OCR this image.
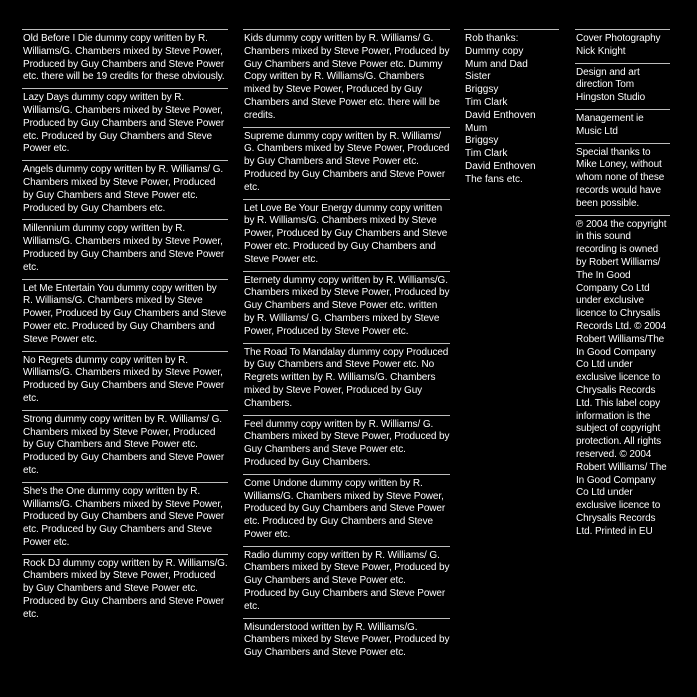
Old Before I Die dummy copy written by R. Williams/G. Chambers mixed by Steve Power, Produced by Guy Chambers and Steve Power etc. there will be 19 credits for these obviously.
Lazy Days dummy copy written by R. Williams/G. Chambers mixed by Steve Power, Produced by Guy Chambers and Steve Power etc. Produced by Guy Chambers and Steve Power etc.
Angels dummy copy written by R. Williams/ G. Chambers mixed by Steve Power, Produced by Guy Chambers and Steve Power etc. Produced by Guy Chambers etc.
Millennium dummy copy written by R. Williams/G. Chambers mixed by Steve Power, Produced by Guy Chambers and Steve Power etc.
Let Me Entertain You dummy copy written by R. Williams/G. Chambers mixed by Steve Power, Produced by Guy Chambers and Steve Power etc. Produced by Guy Chambers and Steve Power etc.
No Regrets dummy copy written by R. Williams/G. Chambers mixed by Steve Power, Produced by Guy Chambers and Steve Power etc.
Strong dummy copy written by R. Williams/ G. Chambers mixed by Steve Power, Produced by Guy Chambers and Steve Power etc. Produced by Guy Chambers and Steve Power etc.
She's the One dummy copy written by R. Williams/G. Chambers mixed by Steve Power, Produced by Guy Chambers and Steve Power etc. Produced by Guy Chambers and Steve Power etc.
Rock DJ dummy copy written by R. Williams/G. Chambers mixed by Steve Power, Produced by Guy Chambers and Steve Power etc. Produced by Guy Chambers and Steve Power etc.
Kids dummy copy written by R. Williams/ G. Chambers mixed by Steve Power, Produced by Guy Chambers and Steve Power etc. Dummy Copy written by R. Williams/G. Chambers mixed by Steve Power, Produced by Guy Chambers and Steve Power etc. there will be credits.
Supreme dummy copy written by R. Williams/ G. Chambers mixed by Steve Power, Produced by Guy Chambers and Steve Power etc. Produced by Guy Chambers and Steve Power etc.
Let Love Be Your Energy dummy copy written by R. Williams/G. Chambers mixed by Steve Power, Produced by Guy Chambers and Steve Power etc. Produced by Guy Chambers and Steve Power etc.
Eternety dummy copy written by R. Williams/G. Chambers mixed by Steve Power, Produced by Guy Chambers and Steve Power etc. written by R. Williams/ G. Chambers mixed by Steve Power, Produced by Steve Power etc.
The Road To Mandalay dummy copy Produced by Guy Chambers and Steve Power etc. No Regrets written by R. Williams/G. Chambers mixed by Steve Power, Produced by Guy Chambers.
Feel dummy copy written by R. Williams/ G. Chambers mixed by Steve Power, Produced by Guy Chambers and Steve Power etc. Produced by Guy Chambers.
Come Undone dummy copy written by R. Williams/G. Chambers mixed by Steve Power, Produced by Guy Chambers and Steve Power etc. Produced by Guy Chambers and Steve Power etc.
Radio dummy copy written by R. Williams/ G. Chambers mixed by Steve Power, Produced by Guy Chambers and Steve Power etc. Produced by Guy Chambers and Steve Power etc.
Misunderstood written by R. Williams/G. Chambers mixed by Steve Power, Produced by Guy Chambers and Steve Power etc.
Rob thanks:
Dummy copy
Mum and Dad
Sister
Briggsy
Tim Clark
David Enthoven
Mum
Briggsy
Tim Clark
David Enthoven
The fans etc.
Cover Photography Nick Knight
Design and art direction Tom Hingston Studio
Management ie Music Ltd
Special thanks to Mike Loney, without whom none of these records would have been possible.
℗ 2004 the copyright in this sound recording is owned by Robert Williams/ The In Good Company Co Ltd under exclusive licence to Chrysalis Records Ltd. © 2004 Robert Williams/The In Good Company Co Ltd under exclusive licence to Chrysalis Records Ltd. This label copy information is the subject of copyright protection. All rights reserved. © 2004 Robert Williams/ The In Good Company Co Ltd under exclusive licence to Chrysalis Records Ltd. Printed in EU
